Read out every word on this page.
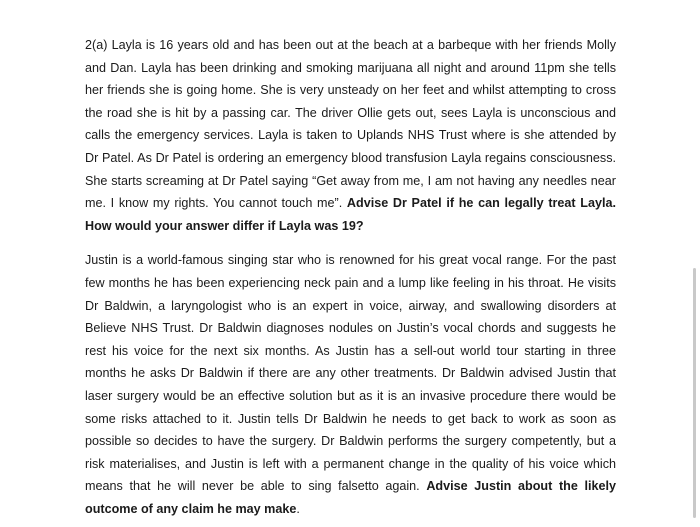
2(a) Layla is 16 years old and has been out at the beach at a barbeque with her friends Molly and Dan. Layla has been drinking and smoking marijuana all night and around 11pm she tells her friends she is going home. She is very unsteady on her feet and whilst attempting to cross the road she is hit by a passing car. The driver Ollie gets out, sees Layla is unconscious and calls the emergency services. Layla is taken to Uplands NHS Trust where is she attended by Dr Patel. As Dr Patel is ordering an emergency blood transfusion Layla regains consciousness. She starts screaming at Dr Patel saying “Get away from me, I am not having any needles near me. I know my rights. You cannot touch me”. Advise Dr Patel if he can legally treat Layla. How would your answer differ if Layla was 19?

Justin is a world-famous singing star who is renowned for his great vocal range. For the past few months he has been experiencing neck pain and a lump like feeling in his throat. He visits Dr Baldwin, a laryngologist who is an expert in voice, airway, and swallowing disorders at Believe NHS Trust. Dr Baldwin diagnoses nodules on Justin’s vocal chords and suggests he rest his voice for the next six months. As Justin has a sell-out world tour starting in three months he asks Dr Baldwin if there are any other treatments. Dr Baldwin advised Justin that laser surgery would be an effective solution but as it is an invasive procedure there would be some risks attached to it. Justin tells Dr Baldwin he needs to get back to work as soon as possible so decides to have the surgery. Dr Baldwin performs the surgery competently, but a risk materialises, and Justin is left with a permanent change in the quality of his voice which means that he will never be able to sing falsetto again. Advise Justin about the likely outcome of any claim he may make.
